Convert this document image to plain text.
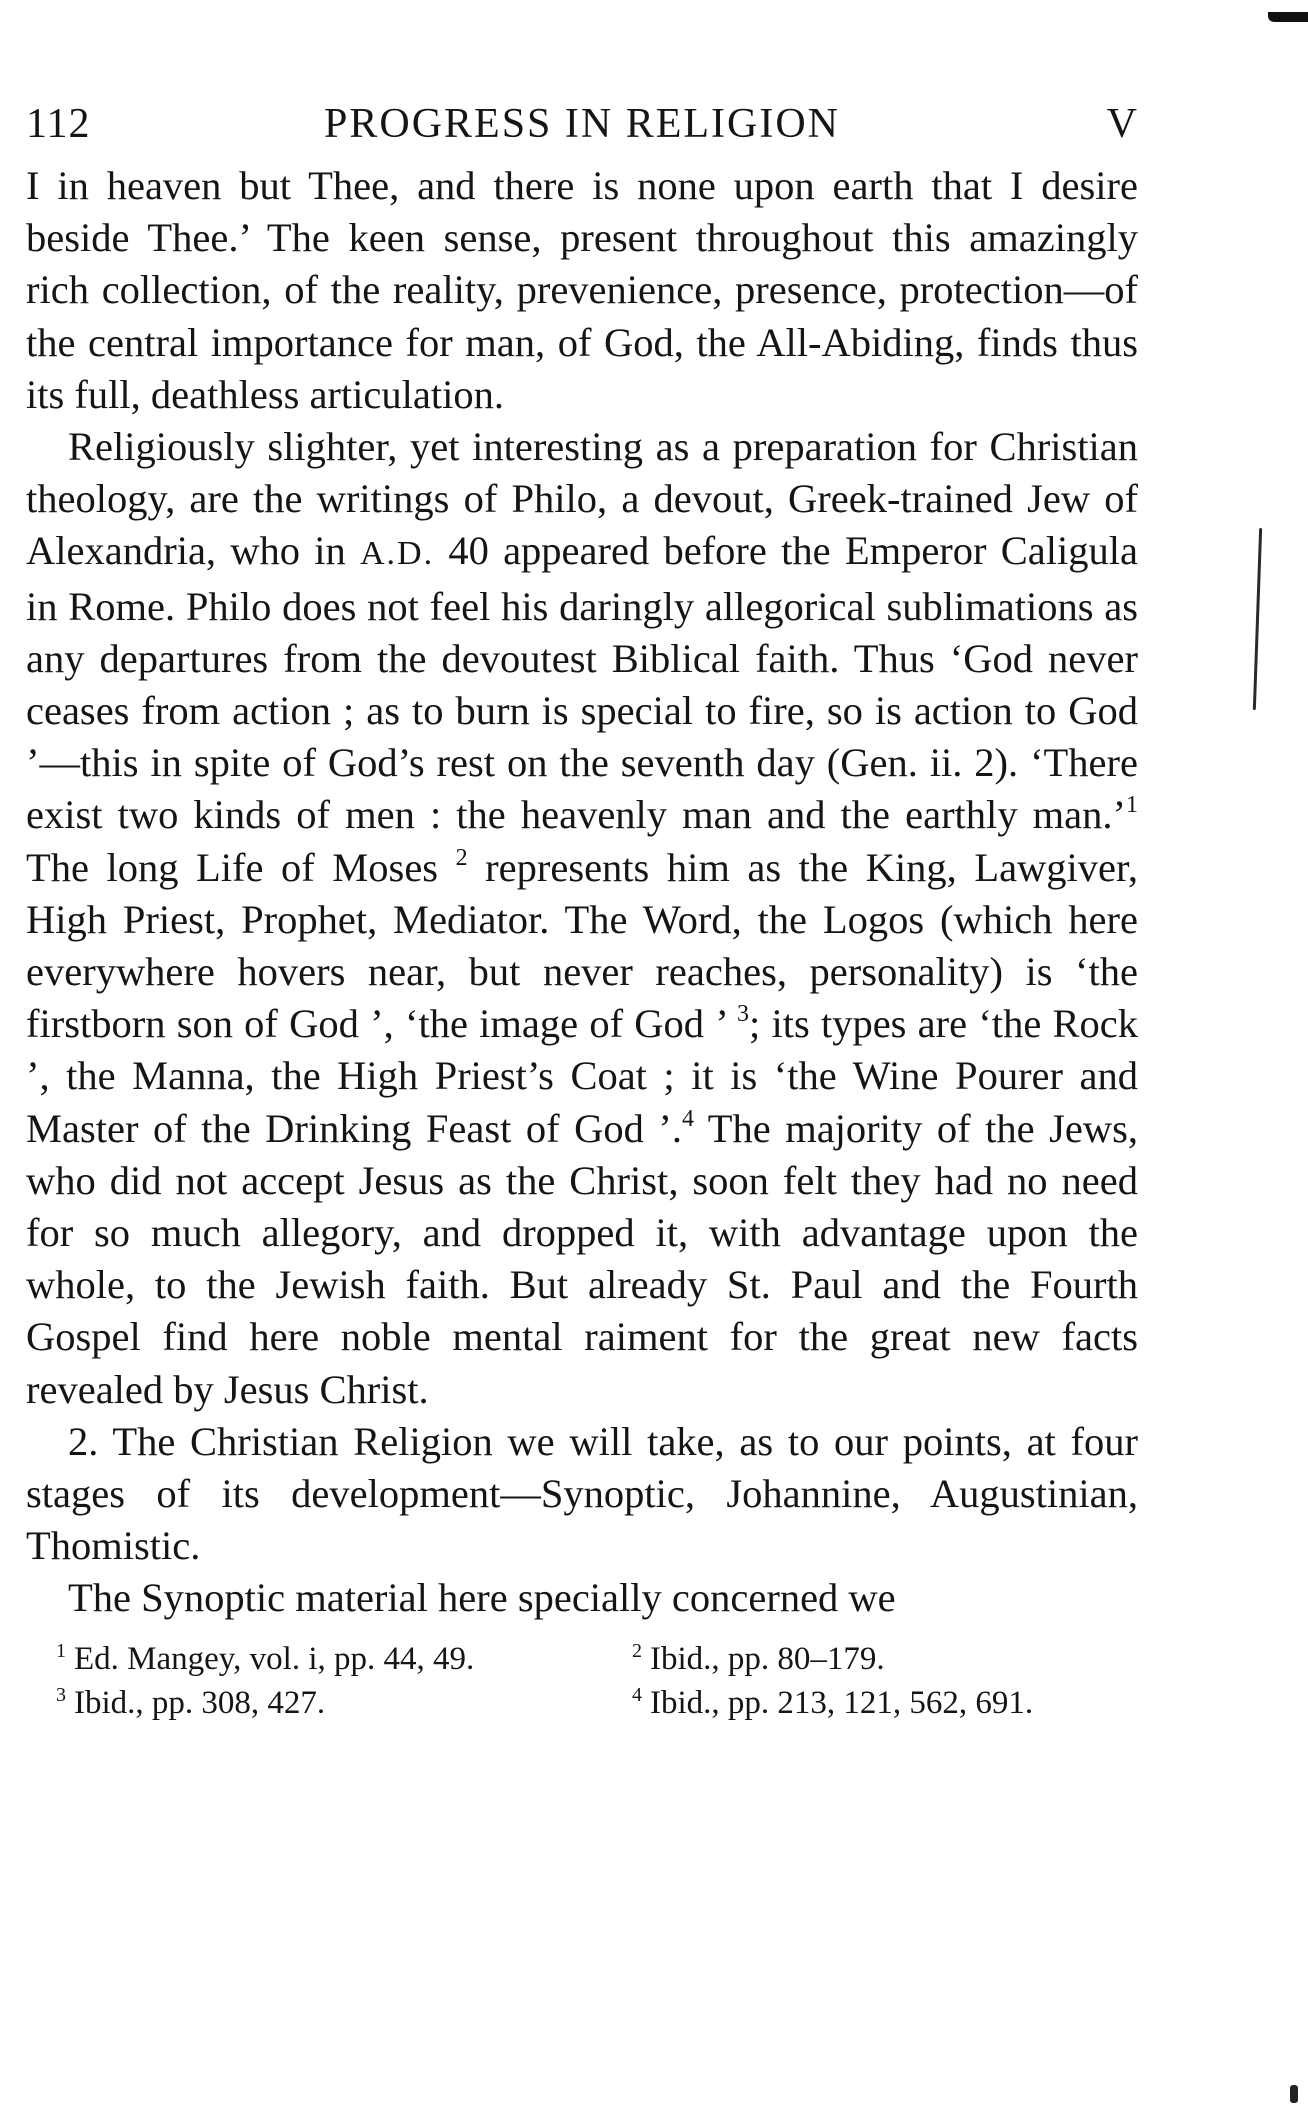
PROGRESS IN RELIGION
112	V

I in heaven but Thee, and there is none upon earth that I desire beside Thee.’ The keen sense, present throughout this amazingly rich collection, of the reality, prevenience, presence, protection—of the central importance for man, of God, the All-Abiding, finds thus its full, deathless articulation.

Religiously slighter, yet interesting as a preparation for Christian theology, are the writings of Philo, a devout, Greek-trained Jew of Alexandria, who in A.D. 40 appeared before the Emperor Caligula in Rome. Philo does not feel his daringly allegorical sublimations as any departures from the devoutest Biblical faith. Thus ‘God never ceases from action ; as to burn is special to fire, so is action to God ’—this in spite of God’s rest on the seventh day (Gen. ii. 2). ‘There exist two kinds of men : the heavenly man and the earthly man.’$^1$ The long Life of Moses $^2$ represents him as the King, Lawgiver, High Priest, Prophet, Mediator. The Word, the Logos (which here everywhere hovers near, but never reaches, personality) is ‘the firstborn son of God ’, ‘the image of God ’ $^3$; its types are ‘the Rock ’, the Manna, the High Priest’s Coat ; it is ‘the Wine Pourer and Master of the Drinking Feast of God ’.$^4$ The majority of the Jews, who did not accept Jesus as the Christ, soon felt they had no need for so much allegory, and dropped it, with advantage upon the whole, to the Jewish faith. But already St. Paul and the Fourth Gospel find here noble mental raiment for the great new facts revealed by Jesus Christ.

2. The Christian Religion we will take, as to our points, at four stages of its development—Synoptic, Johannine, Augustinian, Thomistic.

The Synoptic material here specially concerned we

$^1$ Ed. Mangey, vol. i, pp. 44, 49.	$^2$ Ibid., pp. 80–179.
$^3$ Ibid., pp. 308, 427.	$^4$ Ibid., pp. 213, 121, 562, 691.
